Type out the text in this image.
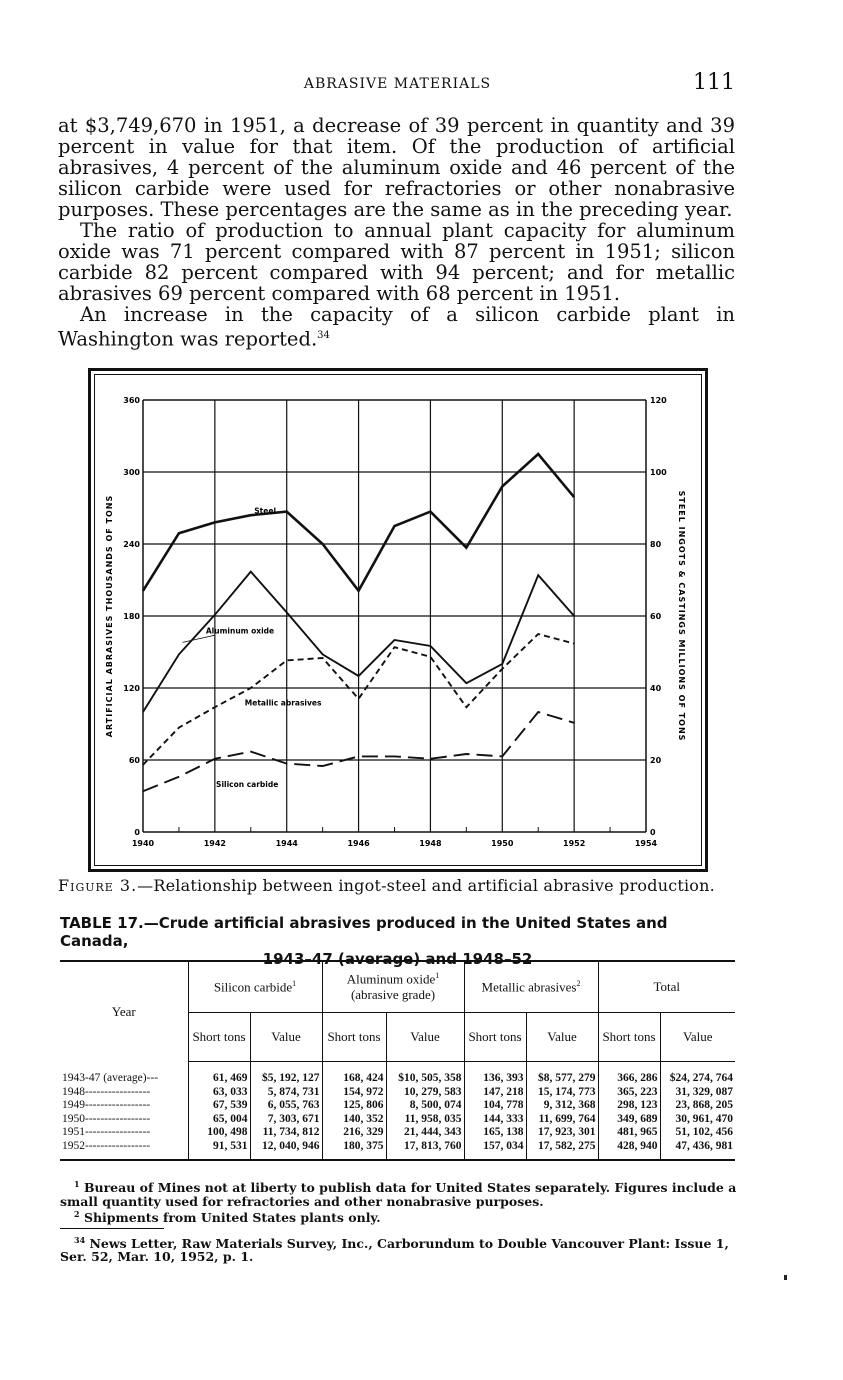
ABRASIVE MATERIALS	111

at $3,749,670 in 1951, a decrease of 39 percent in quantity and 39 percent in value for that item. Of the production of artificial abrasives, 4 percent of the aluminum oxide and 46 percent of the silicon carbide were used for refractories or other nonabrasive purposes. These percentages are the same as in the preceding year.

The ratio of production to annual plant capacity for aluminum oxide was 71 percent compared with 87 percent in 1951; silicon carbide 82 percent compared with 94 percent; and for metallic abrasives 69 percent compared with 68 percent in 1951.

An increase in the capacity of a silicon carbide plant in Washington was reported.$^{34}$

1940	1942	1944	1946	1948	1950	1952	1954
0
60
120
180
240
300
360
0
20
40
60
80
100
120
ARTIFICIAL ABRASIVES THOUSANDS OF TONS	STEEL INGOTS & CASTINGS MILLIONS OF TONS
Steel
Aluminum oxide
Metallic abrasives
Silicon carbide
Figure 3.—Relationship between ingot-steel and artificial abrasive production.
TABLE 17.—Crude artificial abrasives produced in the United States and Canada,
1943–47 (average) and 1948–52
Year	Silicon carbide$^1$		Aluminum oxide$^1$
(abrasive grade)		Metallic abrasives$^2$		Total	
	Short tons	Value	Short tons	Value	Short tons	Value	Short tons	Value

1943-47 (average)---	61, 469	$5, 192, 127	168, 424	$10, 505, 358	136, 393	$8, 577, 279	366, 286	$24, 274, 764
1948-----------------	63, 033	5, 874, 731	154, 972	10, 279, 583	147, 218	15, 174, 773	365, 223	31, 329, 087
1949-----------------	67, 539	6, 055, 763	125, 806	8, 500, 074	104, 778	9, 312, 368	298, 123	23, 868, 205
1950-----------------	65, 004	7, 303, 671	140, 352	11, 958, 035	144, 333	11, 699, 764	349, 689	30, 961, 470
1951-----------------	100, 498	11, 734, 812	216, 329	21, 444, 343	165, 138	17, 923, 301	481, 965	51, 102, 456
1952-----------------	91, 531	12, 040, 946	180, 375	17, 813, 760	157, 034	17, 582, 275	428, 940	47, 436, 981

$^1$ Bureau of Mines not at liberty to publish data for United States separately. Figures include a small quantity used for refractories and other nonabrasive purposes.

$^2$ Shipments from United States plants only.

$^{34}$ News Letter, Raw Materials Survey, Inc., Carborundum to Double Vancouver Plant: Issue 1, Ser. 52, Mar. 10, 1952, p. 1.
